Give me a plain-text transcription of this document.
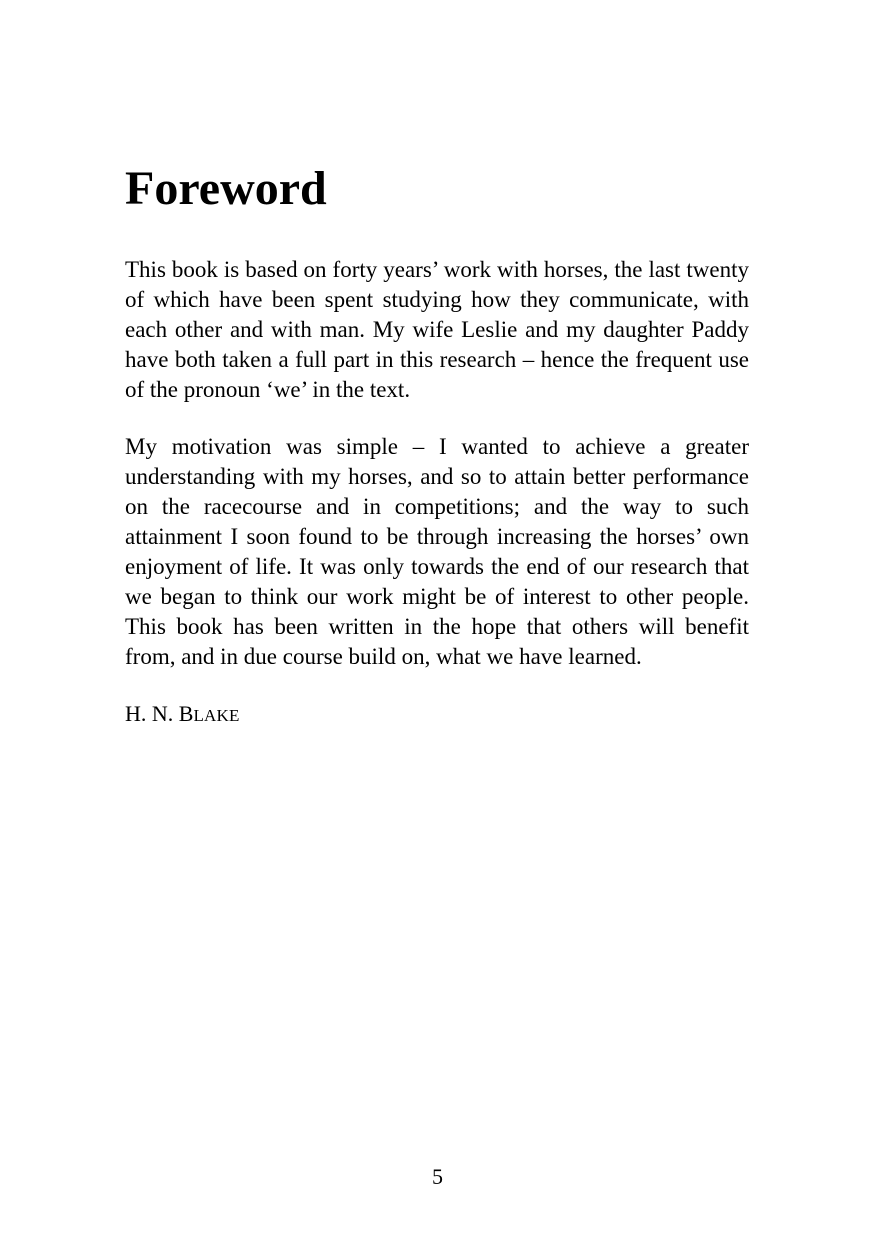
Foreword

This book is based on forty years’ work with horses, the last twenty of which have been spent studying how they communicate, with each other and with man. My wife Leslie and my daughter Paddy have both taken a full part in this research – hence the frequent use of the pronoun ‘we’ in the text.

My motivation was simple – I wanted to achieve a greater understanding with my horses, and so to attain better performance on the racecourse and in competitions; and the way to such attainment I soon found to be through increasing the horses’ own enjoyment of life. It was only towards the end of our research that we began to think our work might be of interest to other people. This book has been written in the hope that others will benefit from, and in due course build on, what we have learned.

H. N. BLAKE
5
